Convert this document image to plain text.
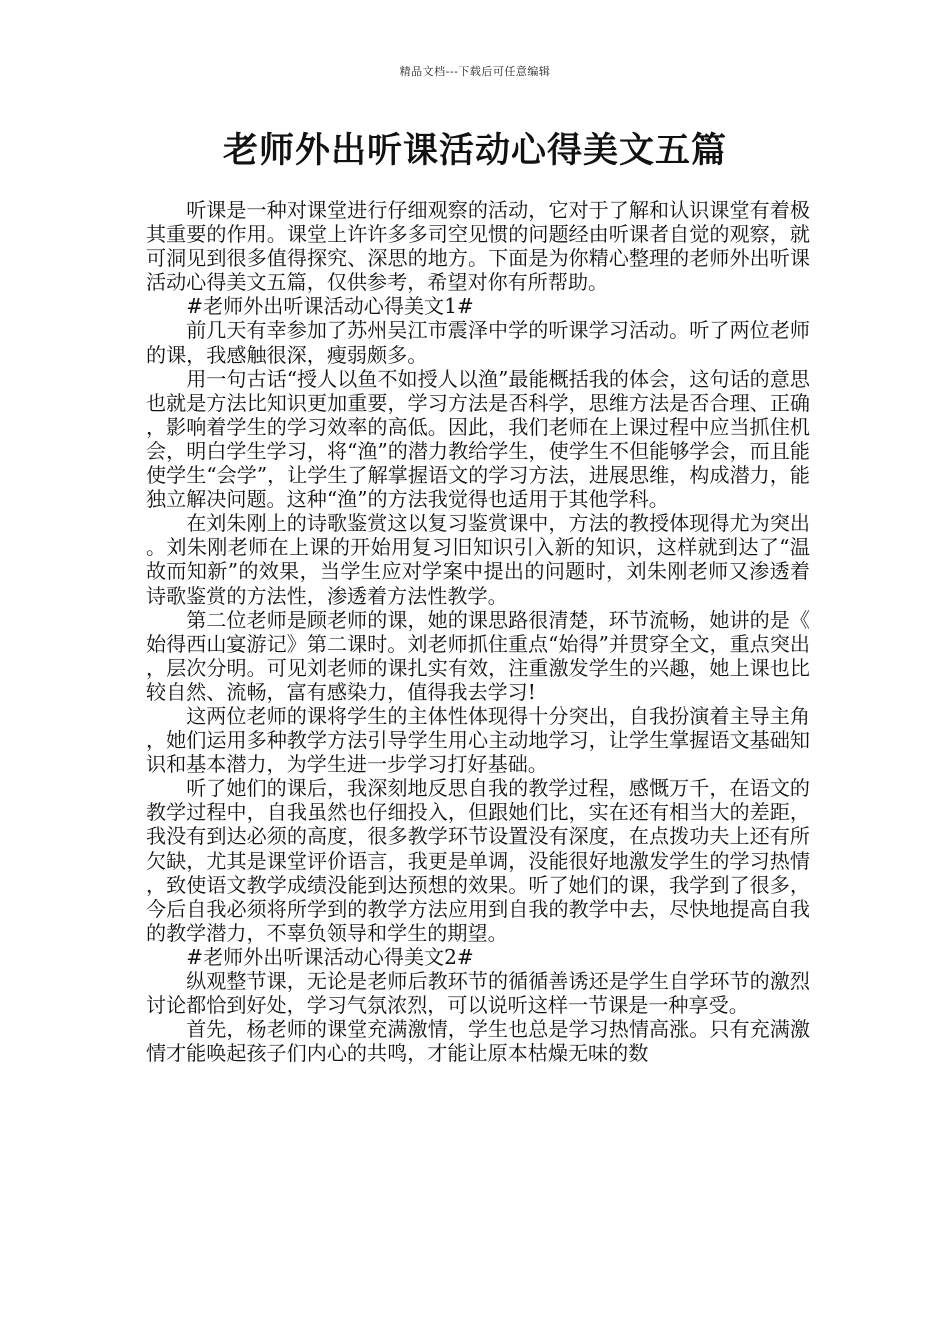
精品文档---下载后可任意编辑
老师外出听课活动心得美文五篇

听课是一种对课堂进行仔细观察的活动，它对于了解和认识课堂有着极其重要的作用。课堂上许许多多司空见惯的问题经由听课者自觉的观察，就可洞见到很多值得探究、深思的地方。下面是为你精心整理的老师外出听课活动心得美文五篇，仅供参考，希望对你有所帮助。

#老师外出听课活动心得美文1#

前几天有幸参加了苏州吴江市震泽中学的听课学习活动。听了两位老师的课，我感触很深，瘦弱颇多。

用一句古话“授人以鱼不如授人以渔”最能概括我的体会，这句话的意思也就是方法比知识更加重要，学习方法是否科学，思维方法是否合理、正确，影响着学生的学习效率的高低。因此，我们老师在上课过程中应当抓住机会，明白学生学习，将“渔”的潜力教给学生，使学生不但能够学会，而且能使学生“会学”，让学生了解掌握语文的学习方法，进展思维，构成潜力，能独立解决问题。这种“渔”的方法我觉得也适用于其他学科。

在刘朱刚上的诗歌鉴赏这以复习鉴赏课中，方法的教授体现得尤为突出。刘朱刚老师在上课的开始用复习旧知识引入新的知识，这样就到达了“温故而知新”的效果，当学生应对学案中提出的问题时，刘朱刚老师又渗透着诗歌鉴赏的方法性，渗透着方法性教学。

第二位老师是顾老师的课，她的课思路很清楚，环节流畅，她讲的是《始得西山宴游记》第二课时。刘老师抓住重点“始得”并贯穿全文，重点突出，层次分明。可见刘老师的课扎实有效，注重激发学生的兴趣，她上课也比较自然、流畅，富有感染力，值得我去学习!

这两位老师的课将学生的主体性体现得十分突出，自我扮演着主导主角，她们运用多种教学方法引导学生用心主动地学习，让学生掌握语文基础知识和基本潜力，为学生进一步学习打好基础。

听了她们的课后，我深刻地反思自我的教学过程，感慨万千，在语文的教学过程中，自我虽然也仔细投入，但跟她们比，实在还有相当大的差距，我没有到达必须的高度，很多教学环节设置没有深度，在点拨功夫上还有所欠缺，尤其是课堂评价语言，我更是单调，没能很好地激发学生的学习热情，致使语文教学成绩没能到达预想的效果。听了她们的课，我学到了很多，今后自我必须将所学到的教学方法应用到自我的教学中去，尽快地提高自我的教学潜力，不辜负领导和学生的期望。

#老师外出听课活动心得美文2#

纵观整节课，无论是老师后教环节的循循善诱还是学生自学环节的激烈讨论都恰到好处，学习气氛浓烈，可以说听这样一节课是一种享受。

首先，杨老师的课堂充满激情，学生也总是学习热情高涨。只有充满激情才能唤起孩子们内心的共鸣，才能让原本枯燥无味的数
